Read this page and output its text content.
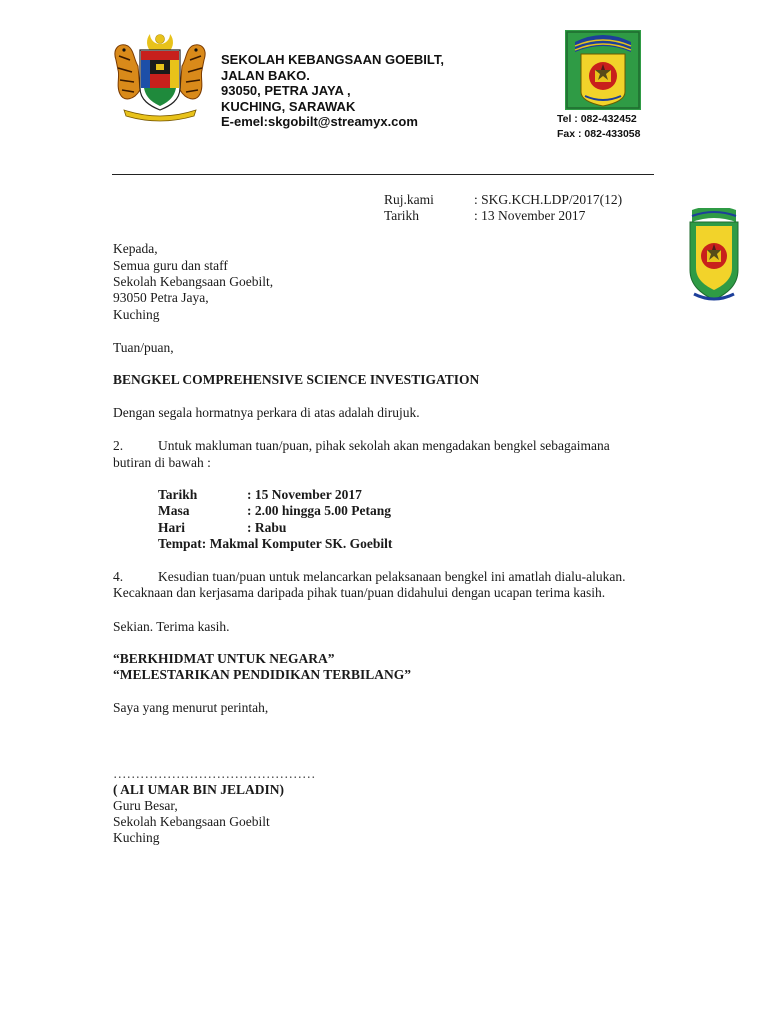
SEKOLAH KEBANGSAAN GOEBILT,
JALAN BAKO.
93050, PETRA JAYA ,
KUCHING, SARAWAK
E-emel:skgobilt@streamyx.com	Tel : 082-432452
Fax : 082-433058
Ruj.kami	: SKG.KCH.LDP/2017(12)
Tarikh	: 13 November 2017
Kepada,
Semua guru dan staff
Sekolah Kebangsaan Goebilt,
93050 Petra Jaya,
Kuching
Tuan/puan,
BENGKEL COMPREHENSIVE SCIENCE INVESTIGATION
Dengan segala hormatnya perkara di atas adalah dirujuk.
2.	Untuk makluman tuan/puan, pihak sekolah akan mengadakan bengkel sebagaimana
butiran di bawah :
Tarikh	: 15 November 2017
Masa	: 2.00 hingga 5.00 Petang
Hari	: Rabu
Tempat: Makmal Komputer SK. Goebilt
4.	Kesudian tuan/puan untuk melancarkan pelaksanaan bengkel ini amatlah dialu-alukan.
Kecaknaan dan kerjasama daripada pihak tuan/puan didahului dengan ucapan terima kasih.
Sekian. Terima kasih.
“BERKHIDMAT UNTUK NEGARA”
“MELESTARIKAN PENDIDIKAN TERBILANG”
Saya yang menurut perintah,
………………………………………
( ALI UMAR BIN JELADIN)
Guru Besar,
Sekolah Kebangsaan Goebilt
Kuching
